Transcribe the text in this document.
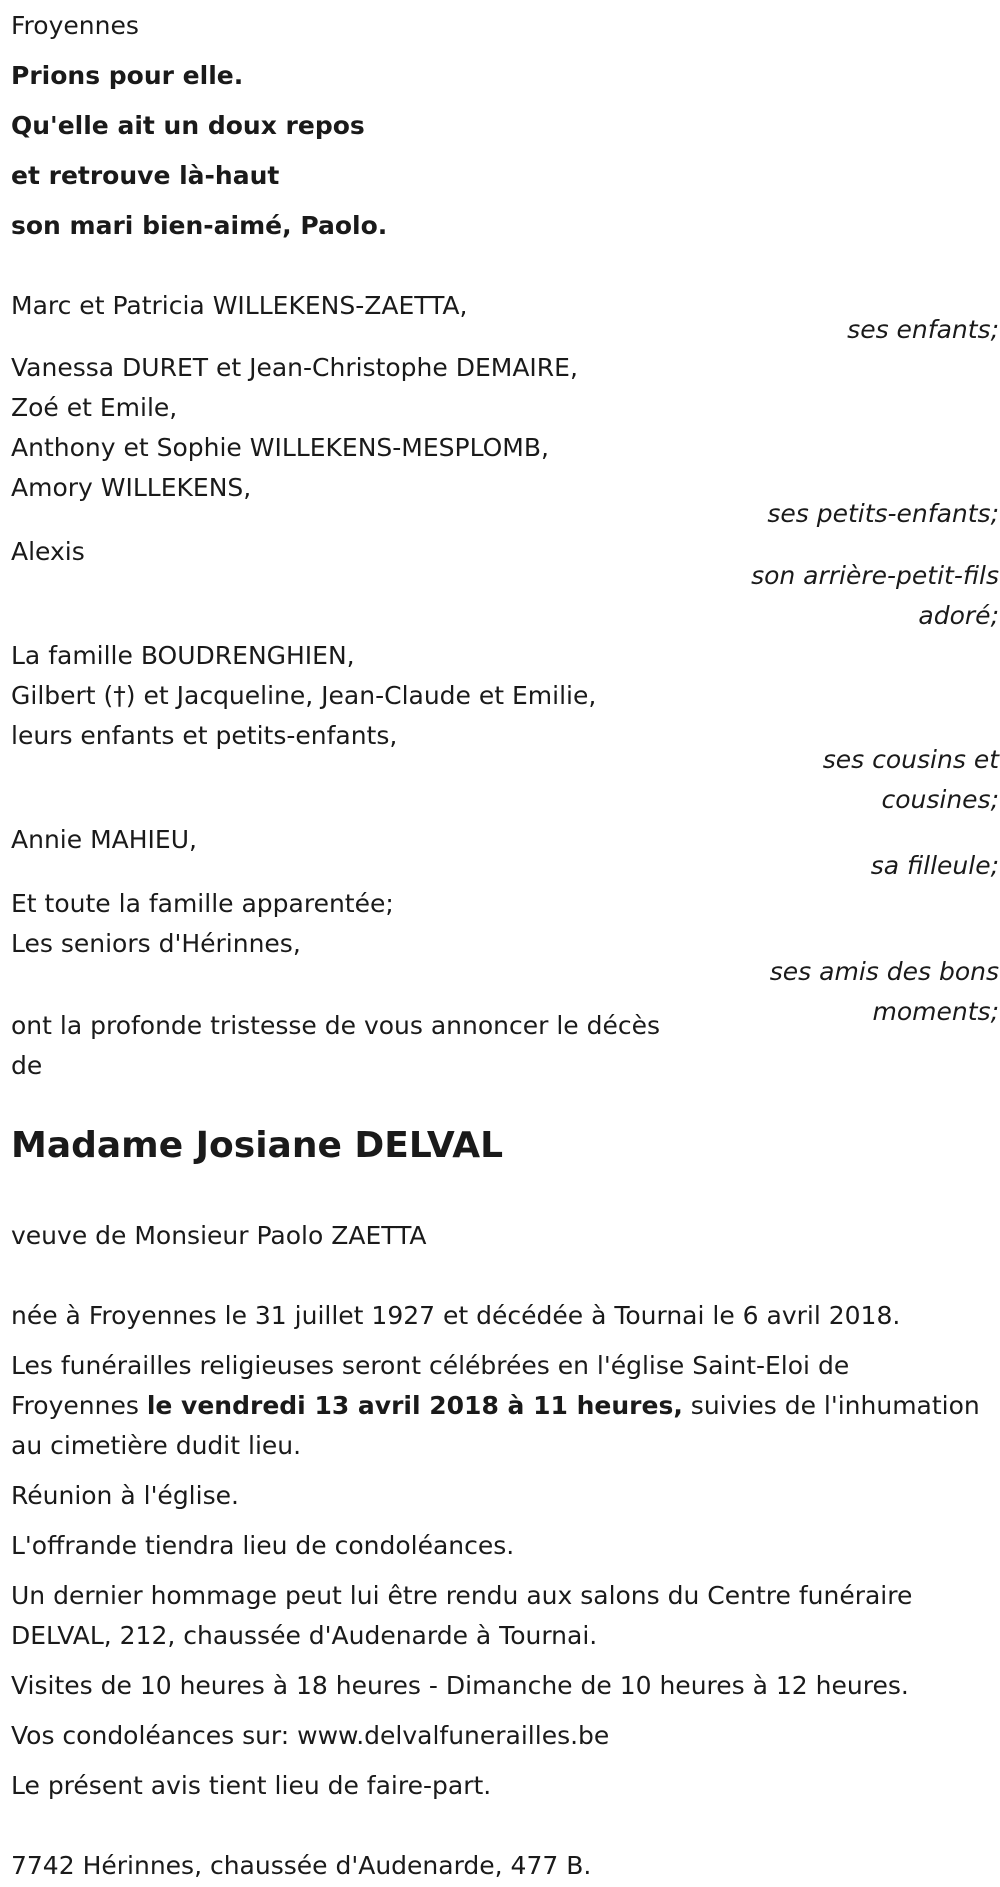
Froyennes
Prions pour elle.
Qu'elle ait un doux repos
et retrouve là-haut
son mari bien-aimé, Paolo.
Marc et Patricia WILLEKENS-ZAETTA,
ses enfants;
Vanessa DURET et Jean-Christophe DEMAIRE,
Zoé et Emile,
Anthony et Sophie WILLEKENS-MESPLOMB,
Amory WILLEKENS,
ses petits-enfants;
Alexis
son arrière-petit-fils
adoré;
La famille BOUDRENGHIEN,
Gilbert (†) et Jacqueline, Jean-Claude et Emilie,
leurs enfants et petits-enfants,
ses cousins et
cousines;
Annie MAHIEU,
sa filleule;
Et toute la famille apparentée;
Les seniors d'Hérinnes,
ses amis des bons
moments;
ont la profonde tristesse de vous annoncer le décès
de
Madame Josiane DELVAL
veuve de Monsieur Paolo ZAETTA
née à Froyennes le 31 juillet 1927 et décédée à Tournai le 6 avril 2018.
Les funérailles religieuses seront célébrées en l'église Saint-Eloi de
Froyennes le vendredi 13 avril 2018 à 11 heures, suivies de l'inhumation
au cimetière dudit lieu.
Réunion à l'église.
L'offrande tiendra lieu de condoléances.
Un dernier hommage peut lui être rendu aux salons du Centre funéraire
DELVAL, 212, chaussée d'Audenarde à Tournai.
Visites de 10 heures à 18 heures - Dimanche de 10 heures à 12 heures.
Vos condoléances sur: www.delvalfunerailles.be
Le présent avis tient lieu de faire-part.
7742 Hérinnes, chaussée d'Audenarde, 477 B.
